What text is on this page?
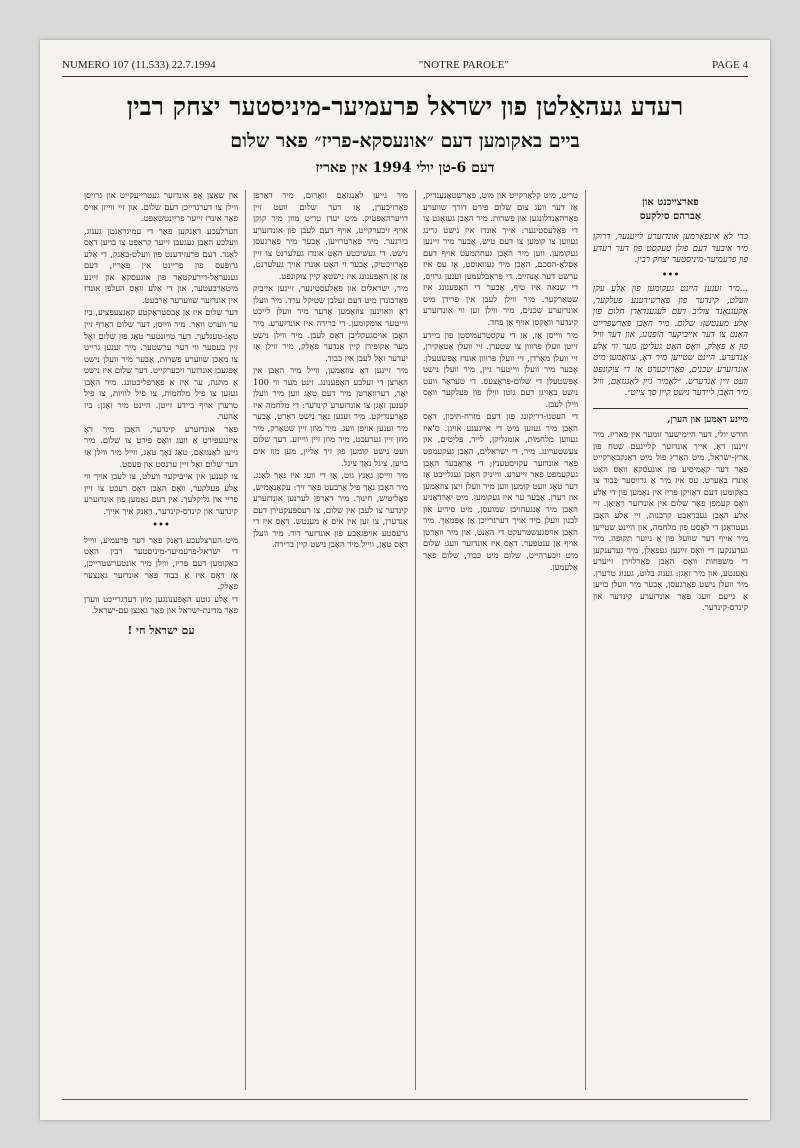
NUMERO 107 (11.533) 22.7.1994	"NOTRE PAROLE"	PAGE 4
רעדע געהאַלטן פון ישראל פרעמיער-מיניסטער יצחק רבין
ביים באקומען דעם ״אונעסקא-פריז״ פאר שלום
דעם 6-טן יולי 1994 אין פאריז
פארצייכנט און
אַברהם סילקעס

כּדי לאַ אינפאָרמען אונדזערע לייענער, דרוקן מיר איבער דעם פולן טעקסט פון דער רעדע פון פרעמיער-מיניסטער יצחק רבין.

•••

...מיר זענען היינט געקומען פון אַלע עקן וועלט, קינדער פון פאַרשידענע פעלקער, אַקעגנאַנד צוליב דעם לעגענדאַרן חלום פון אַלע מענטשן: שלום. מיר האָבן פאַרשפּרייט האַנט צו דער אייביקער הוֹפנונג, און דער וויל פון אַ פאָלק, וואָס האָט געליטן מער ווי אַלע אַנדערע. היינט שטייען מיר דאָ, צוזאַמען מיט אונדזערע שכנים, פאַרזיכערט אַז די צוקונפט וועט זיין אַנדערש. ״לאָמיר גיין לאַנגזאַם, וויל מיר האָבן ליידער נישט קיין סך צייט״.

מיינע דאַמען און הערן,

חודש יולי, דער היימישער זומער אין פאריז. מיר זיינען דאָ, אייך אונדזער קליינעם שטח פון ארץ-ישראל, מיט האַרץ פול מיט דאַנקבאַרקייט פאַר דער קאָמיסיע פון אונעסקאָ וואָס האָט אונדז באַערט. עס איז מיר אַ גרויסער כּבוד צו באַקומען דעם דאָזיקן פּריז אין נאָמען פון די אַלע וואָס קעמפן פאַר שלום אין אונדזער ראַיאָן. זיי אַלע האָבן געבראַכט קרבנות, זיי אַלע האָבן געטראָגן די לאַסט פון מלחמה, און היינט שטייען מיר אויף דער שוועל פון אַ נייער תקופה. מיר געדענקען די וואָס זיינען געפאַלן, מיר געדענקען די משפּחות וואָס האָבן פאַרלוירן זייערע נאָענטע, און מיר זאָגן: גענוג בלוט, גענוג טרערן. מיר וועלן נישט פאַרגעסן, אָבער מיר וועלן בויען אַ נייעם וועג פאַר אונדזערע קינדער און קינדס-קינדער.

טריט, מיט קלאַרקייט און מוט, פאַרשטאַנענדיק, אַז דער וועג צום שלום פירט דורך שווערע פאַרהאַנדלונגען און פשרות. מיר האָבן געזאָגט צו די פּאַלעסטינער: אייך אונדז איז נישט גרינג געווען צו קומען צו דעם טיש, אָבער מיר זיינען געקומען. ווען מיר האָבן געחתמעט אויף דעם אָסלאָ-הסכם, האָבן מיר געוואוסט, אַז עס איז ערשט דער אָנהייב. די פּראָבלעמען זענען גרויס, די שנאה איז טיף, אָבער די האָפענונג איז שטאַרקער. מיר ווילן לעבן אין פרידן מיט אונדזערע שכנים, מיר ווילן זען ווי אונדזערע קינדער וואַקסן אויף אָן פחד.

מיר ווייסן אַז, אַז די עקסטרעמיסטן פון ביידע זייטן וועלן פּרוּוון צו שטערן. זיי וועלן אַטאַקירן, זיי וועלן מאָרדן, זיי וועלן פּרוּוון אונדז אָפּשטעלן. אָבער מיר וועלן ווייטער גיין, מיר וועלן נישט אָפּשטעלן די שלום-פּראָצעס. די טעראָר וועט נישט באַזיגן דעם גוטן ווילן פון פעלקער וואָס ווילן לעבן.

די העטנו-דריקונג פון דעם מזרח-תּיכון, דאָס האָבן מיר געזען מיט די אייגענע אויגן. ס'איז געווען מלחמות, אומגליקן, לייד, פּליטים, און צעשטערונג. מיר, די ישראלים, האָבן געקעמפט פאַר אונדזער עקזיסטענץ; די אַראַבער האָבן געקעמפט פאַר זייערע. ווייניק האָבן געגלייבט אַז דער טאָג וועט קומען ווען מיר וועלן זיצן צוזאַמען און רעדן. אָבער ער איז געקומען. מיט יאָרדאַניע האָבן מיר אָנגעהויבן שמועסן, מיט סיריע און לבנון וועלן מיר אויך דערגרייכן אַן אָפּמאַך. מיר האָבן אויסגעשטרעקט די האַנט, און מיר וואַרטן אויף אַן ענטפער. דאָס איז אונדזער וועג: שלום מיט זיכערהייט, שלום מיט כּבוד, שלום פאַר אַלעמען.

מיר גייען לאַנגזאַם וואָרום, מיר דאַרפן פאַרזיכערן, אַז דער שלום וועט זיין דויערהאַפטיק. מיט יעדן טריט מוזן מיר קוקן אויף זיכערקייט, אויף דעם לעבן פון אונדזערע בירגער. מיר פאַרטרויען, אָבער מיר פאַרגעסן נישט. די געשיכטע האָט אונדז געלערנט צו זיין פאָרזיכטיק, אָבער זי האָט אונדז אויך געלערנט, אַז אָן האָפענונג איז נישטאָ קיין צוקונפט.

מיר, ישראלים און פּאַלעסטינער, זיינען אייביק פאַרבונדן מיט דעם זעלבן שטיקל ערד. מיר וועלן דאָ וואוינען צוזאַמען אָדער מיר וועלן לייכט ווייטער אומקומען. די ברירה איז אונדזערע. מיר האָבן אויסגעקליבן דאָס לעבן. מיר ווילן נישט מער אָקופּירן קיין אַנדער פאָלק, מיר ווילן אַז יעדער זאָל לעבן אין כּבוד.

מיר זיינען דאָ צוזאַמען, ווייל מיר האָבן אין האַרצן די זעלבע האָפענונג. זינט מער ווי 100 יאָר, דערוואַרטן מיר דעם טאָג ווען מיר וועלן קענען זאָגן צו אונדזערע קינדער: די מלחמה איז פאַרענדיקט. מיר זענען נאָך נישט דאָרט, אָבער מיר זענען אויפן וועג. מיר מוזן זיין שטאַרק, מיר מוזן זיין גערעכט, מיר מוזן זיין ווייזע. דער שלום וועט נישט קומען פון זיך אַליין, מען מוז אים בויען, ציגל נאָך ציגל.

מיר ווייסן גאַנץ גוט, אַז די וועג איז נאָך לאַנג. מיר האָבן נאָך פיל אַרבעט פאַר זיך: עקאָנאָמיש, פּאָליטיש, חינוך. מיר דאַרפן לערנען אונדזערע קינדער צו לעבן אין שלום, צו רעספּעקטירן דעם אַנדערן, צו זען אין אים אַ מענטש. דאָס איז די גרעסטע אויפגאַבע פון אונדזער דור. מיר וועלן דאָס טאָן, ווייל מיר האָבן נישט קיין ברירה.

און שאַצן אָפּ אונדזער געטרייעקייט און גרויסן ווילן צו דערגרייכן דעם שלום. און זיי ווייזן אויס פאַר אונדז זייער פריינטשאַפט.

הערלעכע דאַנקען פאַר די עמיגראַנטן גענוג, וועלכע האָבן געגעבן זייער קראַפט צו בויען דאָס לאַנד. דעם פרעזידענט פון וועלט-באַנק, די אַלע גרופּעס פון פריינט אין פּאַריז, דעם גענעראַל-דירעקטאָר פון אונעסקאָ און זיינע מיטאַרבעטער, און די אַלע וואָס העלפן אונדז אין אונדזער שווערער אַרבעט.

דער שלום איז אַן אַבסטראַקטע קאָנצעפּציע, ביז ער ווערט וואָר. מיר ווייסן, דער שלום דאַרף זיין טאָג-טעגלעך. דער טויזנטער טאָג פון שלום זאָל זיין בעסער ווי דער ערשטער. מיר זענען גרייט צו מאַכן שווערע פשרות, אָבער מיר וועלן נישט אָפּגעבן אונדזער זיכערקייט. דער שלום איז נישט אַ מתּנה, ער איז אַ פאַרפליכטונג. מיר האָבן געזען צו פיל מלחמות, צו פיל לוויות, צו פיל טרערן אויף ביידע זייטן. היינט מיר זאָגן: ביז אַהער.

פאַר אונדזערע קינדער, האָבן מיר דאָ איינגעפירט אַ וועג וואָס פירט צו שלום. מיר גייען לאַנגזאַם, טאָג נאָך טאָג, ווייל מיר ווילן אַז דער שלום זאָל זיין ערנסט און פעסט.

צו קענען אין אייביקער וועלט, צו לעבן אויך ווי אַלע פעלקער, וואָס האָבן דאָס רעכט צו זיין פריי און גליקלעך. אין דעם נאָמען פון אונדזערע קינדער און קינדס-קינדער, דאַנק איך אייך.

•••

מיט הערצלעכע דאַנק פאַר דער פּרעמיע, ווייל די ישראל-פרעמיער-מיניסטער רבין האָט באַקומען דעם פּריז, ווילן מיר אונטערשטרייכן, אַז דאָס איז אַ כּבוד פאַר אונדזער גאַנצער פאָלק.

די אַלע גוטע האָפענונגען מוזן דערגרייכט ווערן פאַר מדינת-ישראל און פאַר גאַנצן עם-ישראל.

עם ישראל חי !
